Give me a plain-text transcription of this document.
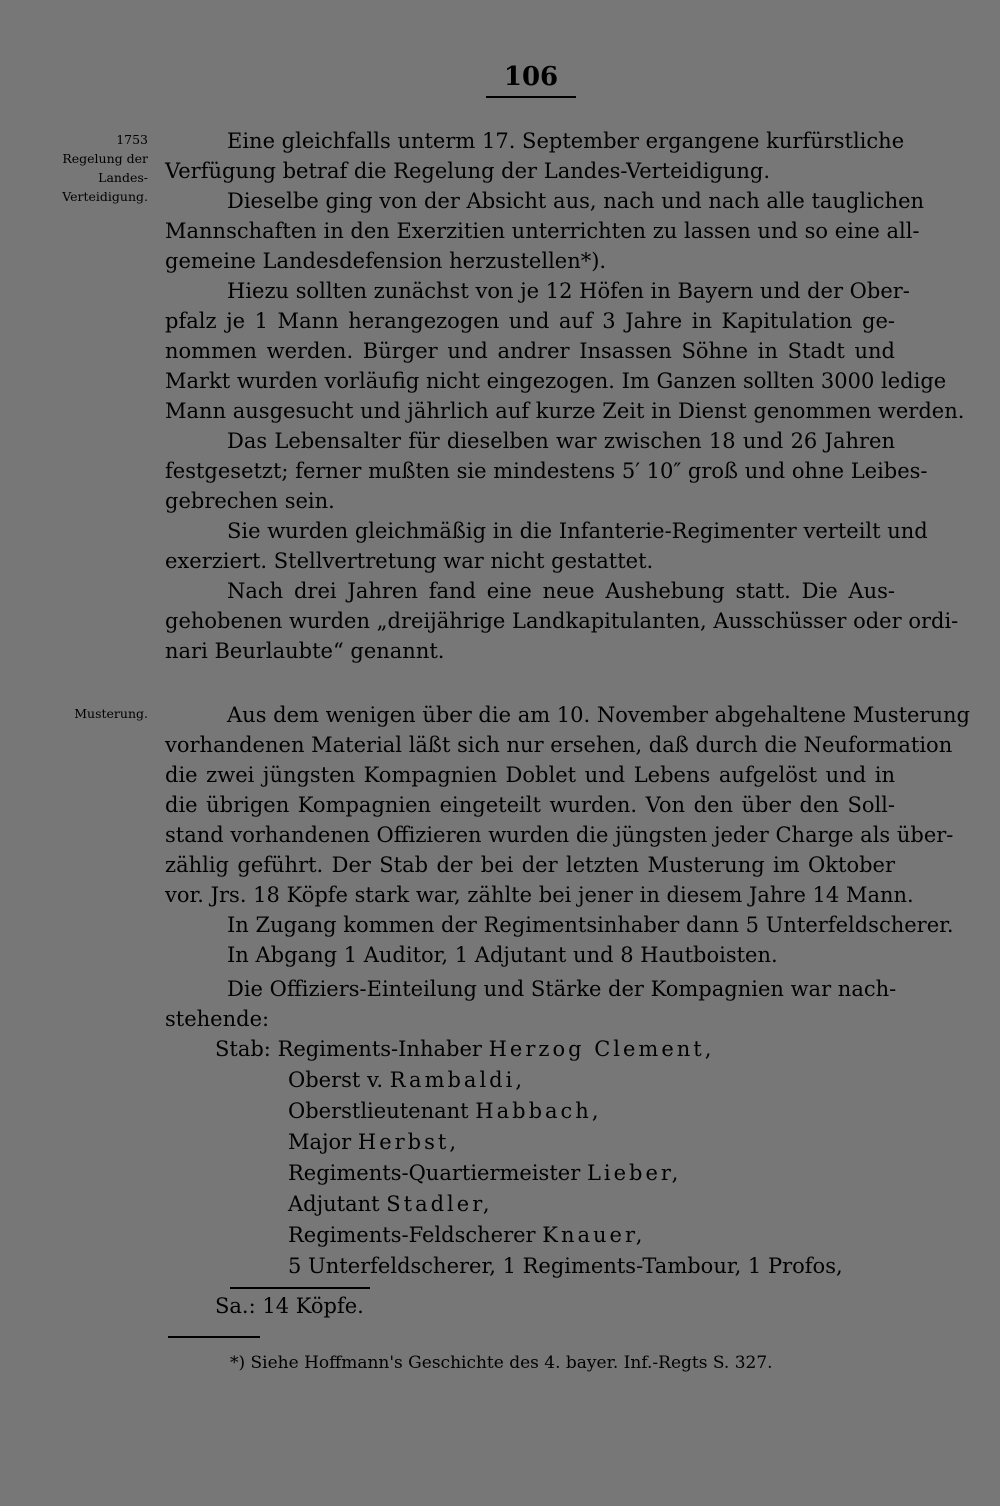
106
1753
Regelung der
Landes-
Verteidigung.
Musterung.
Eine gleichfalls unterm 17. September ergangene kurfürstliche
Verfügung betraf die Regelung der Landes-Verteidigung.
Dieselbe ging von der Absicht aus, nach und nach alle tauglichen
Mannschaften in den Exerzitien unterrichten zu lassen und so eine all-
gemeine Landesdefension herzustellen*).
Hiezu sollten zunächst von je 12 Höfen in Bayern und der Ober-
pfalz je 1 Mann herangezogen und auf 3 Jahre in Kapitulation ge-
nommen werden. Bürger und andrer Insassen Söhne in Stadt und
Markt wurden vorläufig nicht eingezogen. Im Ganzen sollten 3000 ledige
Mann ausgesucht und jährlich auf kurze Zeit in Dienst genommen werden.
Das Lebensalter für dieselben war zwischen 18 und 26 Jahren
festgesetzt; ferner mußten sie mindestens 5′ 10″ groß und ohne Leibes-
gebrechen sein.
Sie wurden gleichmäßig in die Infanterie-Regimenter verteilt und
exerziert. Stellvertretung war nicht gestattet.
Nach drei Jahren fand eine neue Aushebung statt. Die Aus-
gehobenen wurden „dreijährige Landkapitulanten, Ausschüsser oder ordi-
nari Beurlaubte“ genannt.
Aus dem wenigen über die am 10. November abgehaltene Musterung
vorhandenen Material läßt sich nur ersehen, daß durch die Neuformation
die zwei jüngsten Kompagnien Doblet und Lebens aufgelöst und in
die übrigen Kompagnien eingeteilt wurden. Von den über den Soll-
stand vorhandenen Offizieren wurden die jüngsten jeder Charge als über-
zählig geführt. Der Stab der bei der letzten Musterung im Oktober
vor. Jrs. 18 Köpfe stark war, zählte bei jener in diesem Jahre 14 Mann.
In Zugang kommen der Regimentsinhaber dann 5 Unterfeldscherer.
In Abgang 1 Auditor, 1 Adjutant und 8 Hautboisten.
Die Offiziers-Einteilung und Stärke der Kompagnien war nach-
stehende:
Stab: Regiments-Inhaber Herzog Clement,
Oberst v. Rambaldi,
Oberstlieutenant Habbach,
Major Herbst,
Regiments-Quartiermeister Lieber,
Adjutant Stadler,
Regiments-Feldscherer Knauer,
5 Unterfeldscherer, 1 Regiments-Tambour, 1 Profos,
Sa.: 14 Köpfe.
*) Siehe Hoffmann's Geschichte des 4. bayer. Inf.-Regts S. 327.
